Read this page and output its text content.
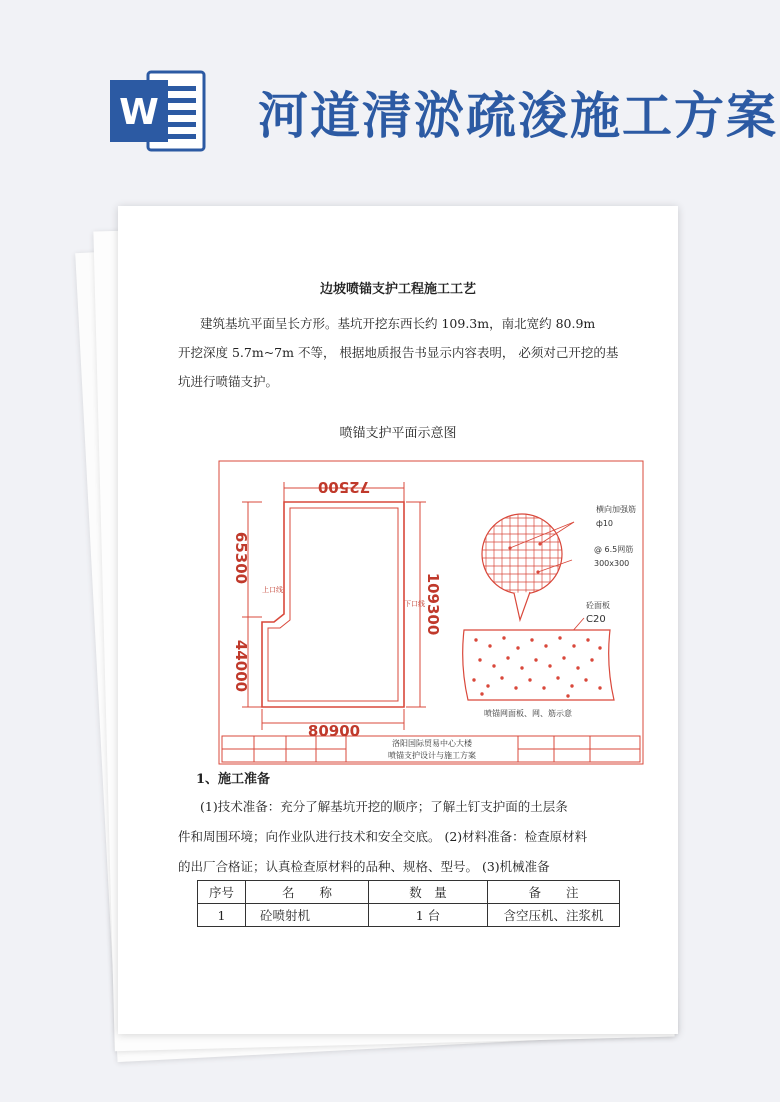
W 河道清淤疏浚施工方案
边坡喷锚支护工程施工工艺

建筑基坑平面呈长方形。基坑开挖东西长约 109.3m，南北宽约 80.9m
开挖深度 5.7m~7m 不等， 根据地质报告书显示内容表明， 必须对己开挖的基
坑进行喷锚支护。

喷锚支护平面示意图

72500
65300
44000
109300
80900
上口线
下口线
横向加强筋
ф10
@ 6.5网筋
300x300
砼面板
C20
喷锚网面板、网、筋示意
洛阳国际贸易中心大楼
喷锚支护设计与施工方案
1、施工准备

(1)技术准备：充分了解基坑开挖的顺序；了解土钉支护面的土层条
件和周围环境；向作业队进行技术和安全交底。 (2)材料准备：检查原材料
的出厂合格证；认真检查原材料的品种、规格、型号。 (3)机械准备

序号	名　　称	数　量	备　　注
1	砼喷射机	1 台	含空压机、注浆机
